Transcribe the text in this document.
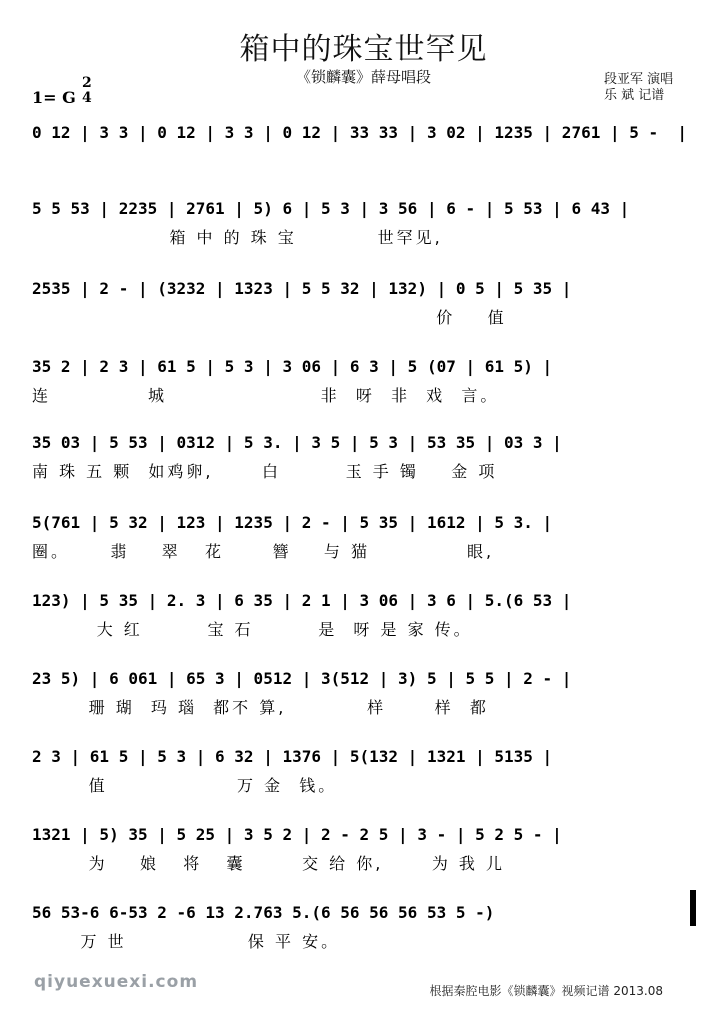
箱中的珠宝世罕见
《锁麟囊》薛母唱段
1= G
2
4
段亚军 演唱
乐 斌 记谱
0 12 | 3 3 | 0 12 | 3 3 | 0 12 | 33 33 | 3 02 | 1235 | 2761 | 5 -  |
5 5 53 | 2235 | 2761 | 5) 6 | 5 3 | 3 56 | 6 - | 5 53 | 6 43 |
箱 中 的 珠 宝          世罕见,
2535 | 2 - | (3232 | 1323 | 5 5 32 | 132) | 0 5 | 5 35 |
价    值
35 2 | 2 3 | 61 5 | 5 3 | 3 06 | 6 3 | 5 (07 | 61 5) |
连            城                   非  呀  非  戏  言。
35 03 | 5 53 | 0312 | 5 3. | 3 5 | 5 3 | 53 35 | 03 3 |
南 珠 五 颗  如鸡卵,      白        玉 手 镯    金 项
5(761 | 5 32 | 123 | 1235 | 2 - | 5 35 | 1612 | 5 3. |
圈。     翡    翠   花      簪    与 猫            眼,
123) | 5 35 | 2. 3 | 6 35 | 2 1 | 3 06 | 3 6 | 5.(6 53 |
大 红        宝 石        是  呀 是 家 传。
23 5) | 6 061 | 65 3 | 0512 | 3(512 | 3) 5 | 5 5 | 2 - |
珊 瑚  玛 瑙  都不 算,          样      样  都
2 3 | 61 5 | 5 3 | 6 32 | 1376 | 5(132 | 1321 | 5135 |
值                万 金  钱。
1321 | 5) 35 | 5 25 | 3 5 2 | 2 - 2 5 | 3 - | 5 2 5 - |
为    娘   将   囊       交 给 你,      为 我 儿
56 53-6 6-53 2 -6 13 2.763 5.(6 56 56 56 53 5 -)
万 世               保 平 安。
qiyuexuexi.com	根据秦腔电影《锁麟囊》视频记谱 2013.08
